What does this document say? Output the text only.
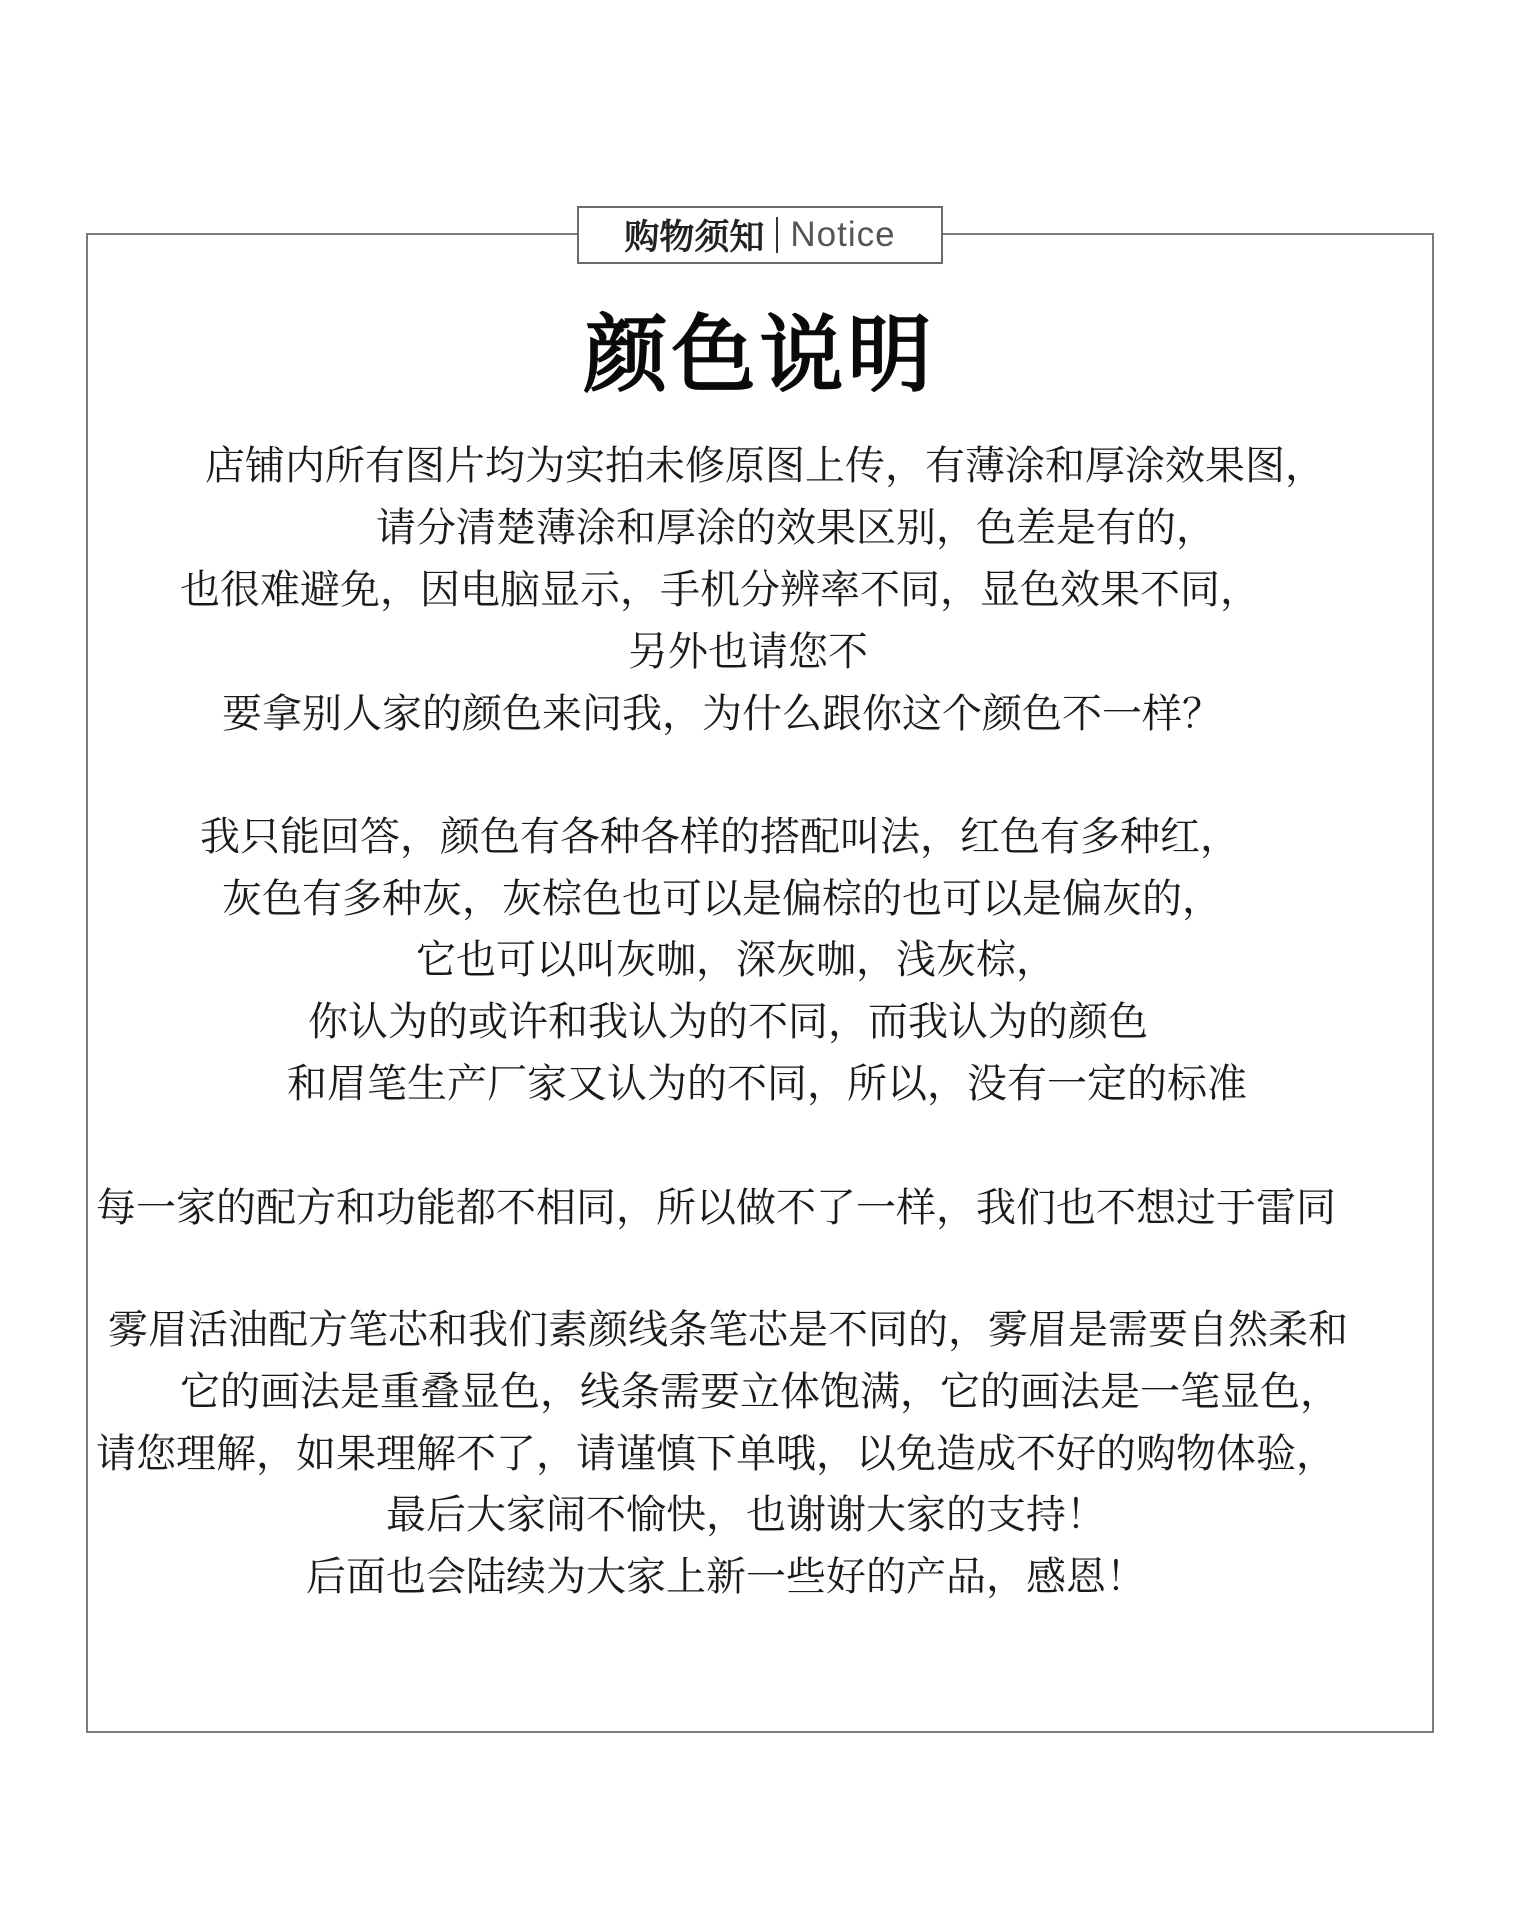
购物须知 Notice
颜色说明
店铺内所有图片均为实拍未修原图上传，有薄涂和厚涂效果图，
请分清楚薄涂和厚涂的效果区别，色差是有的，
也很难避免，因电脑显示，手机分辨率不同，显色效果不同，
另外也请您不
要拿别人家的颜色来问我，为什么跟你这个颜色不一样？
我只能回答，颜色有各种各样的搭配叫法，红色有多种红，
灰色有多种灰，灰棕色也可以是偏棕的也可以是偏灰的，
它也可以叫灰咖，深灰咖，浅灰棕，
你认为的或许和我认为的不同，而我认为的颜色
和眉笔生产厂家又认为的不同，所以，没有一定的标准
每一家的配方和功能都不相同，所以做不了一样，我们也不想过于雷同
雾眉活油配方笔芯和我们素颜线条笔芯是不同的，雾眉是需要自然柔和
它的画法是重叠显色，线条需要立体饱满，它的画法是一笔显色，
请您理解，如果理解不了，请谨慎下单哦，以免造成不好的购物体验，
最后大家闹不愉快，也谢谢大家的支持！
后面也会陆续为大家上新一些好的产品，感恩！
